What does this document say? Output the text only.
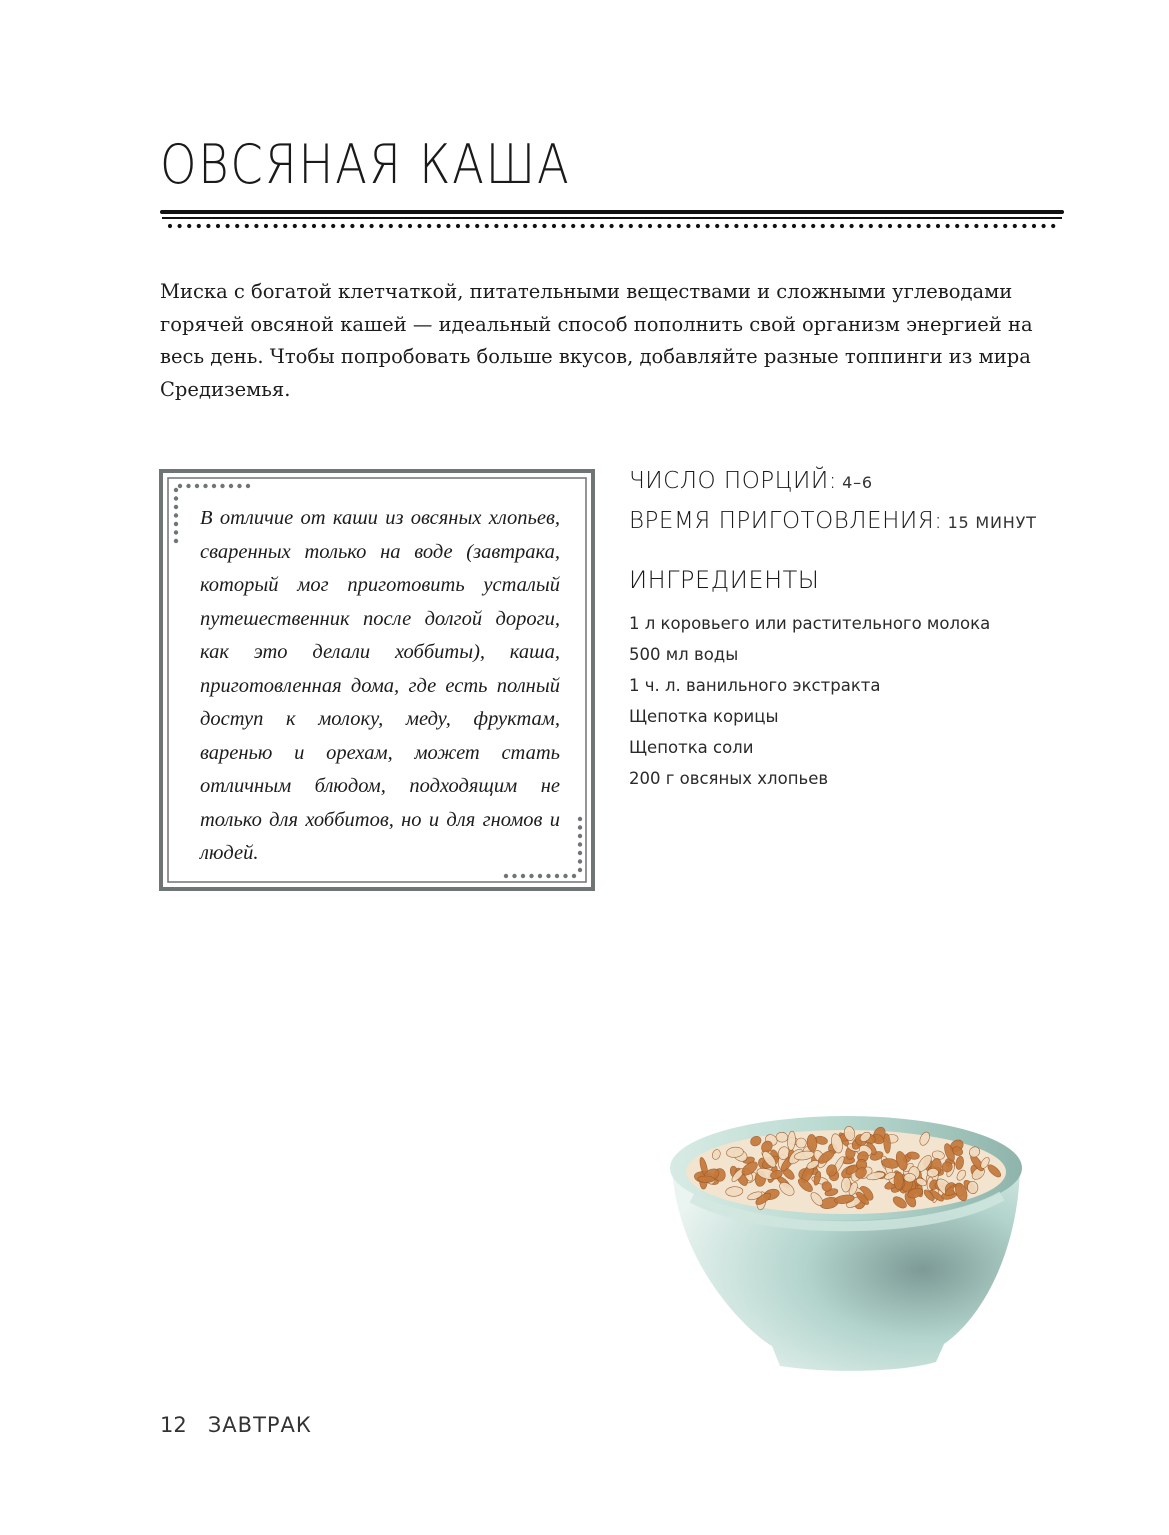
ОВСЯНАЯ КАША

Миска с богатой клетчаткой, питательными веществами и сложными углеводами горячей овсяной кашей — идеальный способ пополнить свой организм энергией на весь день. Чтобы попробовать больше вкусов, добавляйте разные топпинги из мира Средиземья.

В отличие от каши из овсяных хлопьев, сваренных только на воде (завтрака, который мог приготовить усталый путешественник после долгой дороги, как это делали хоббиты), каша, приготовленная дома, где есть полный доступ к молоку, меду, фруктам, варенью и орехам, может стать отличным блюдом, подходящим не только для хоббитов, но и для гномов и людей.

ЧИСЛО ПОРЦИЙ: 4–6
ВРЕМЯ ПРИГОТОВЛЕНИЯ: 15 МИНУТ
ИНГРЕДИЕНТЫ
1 л коровьего или растительного молока
500 мл воды
1 ч. л. ванильного экстракта
Щепотка корицы
Щепотка соли
200 г овсяных хлопьев
12 ЗАВТРАК
